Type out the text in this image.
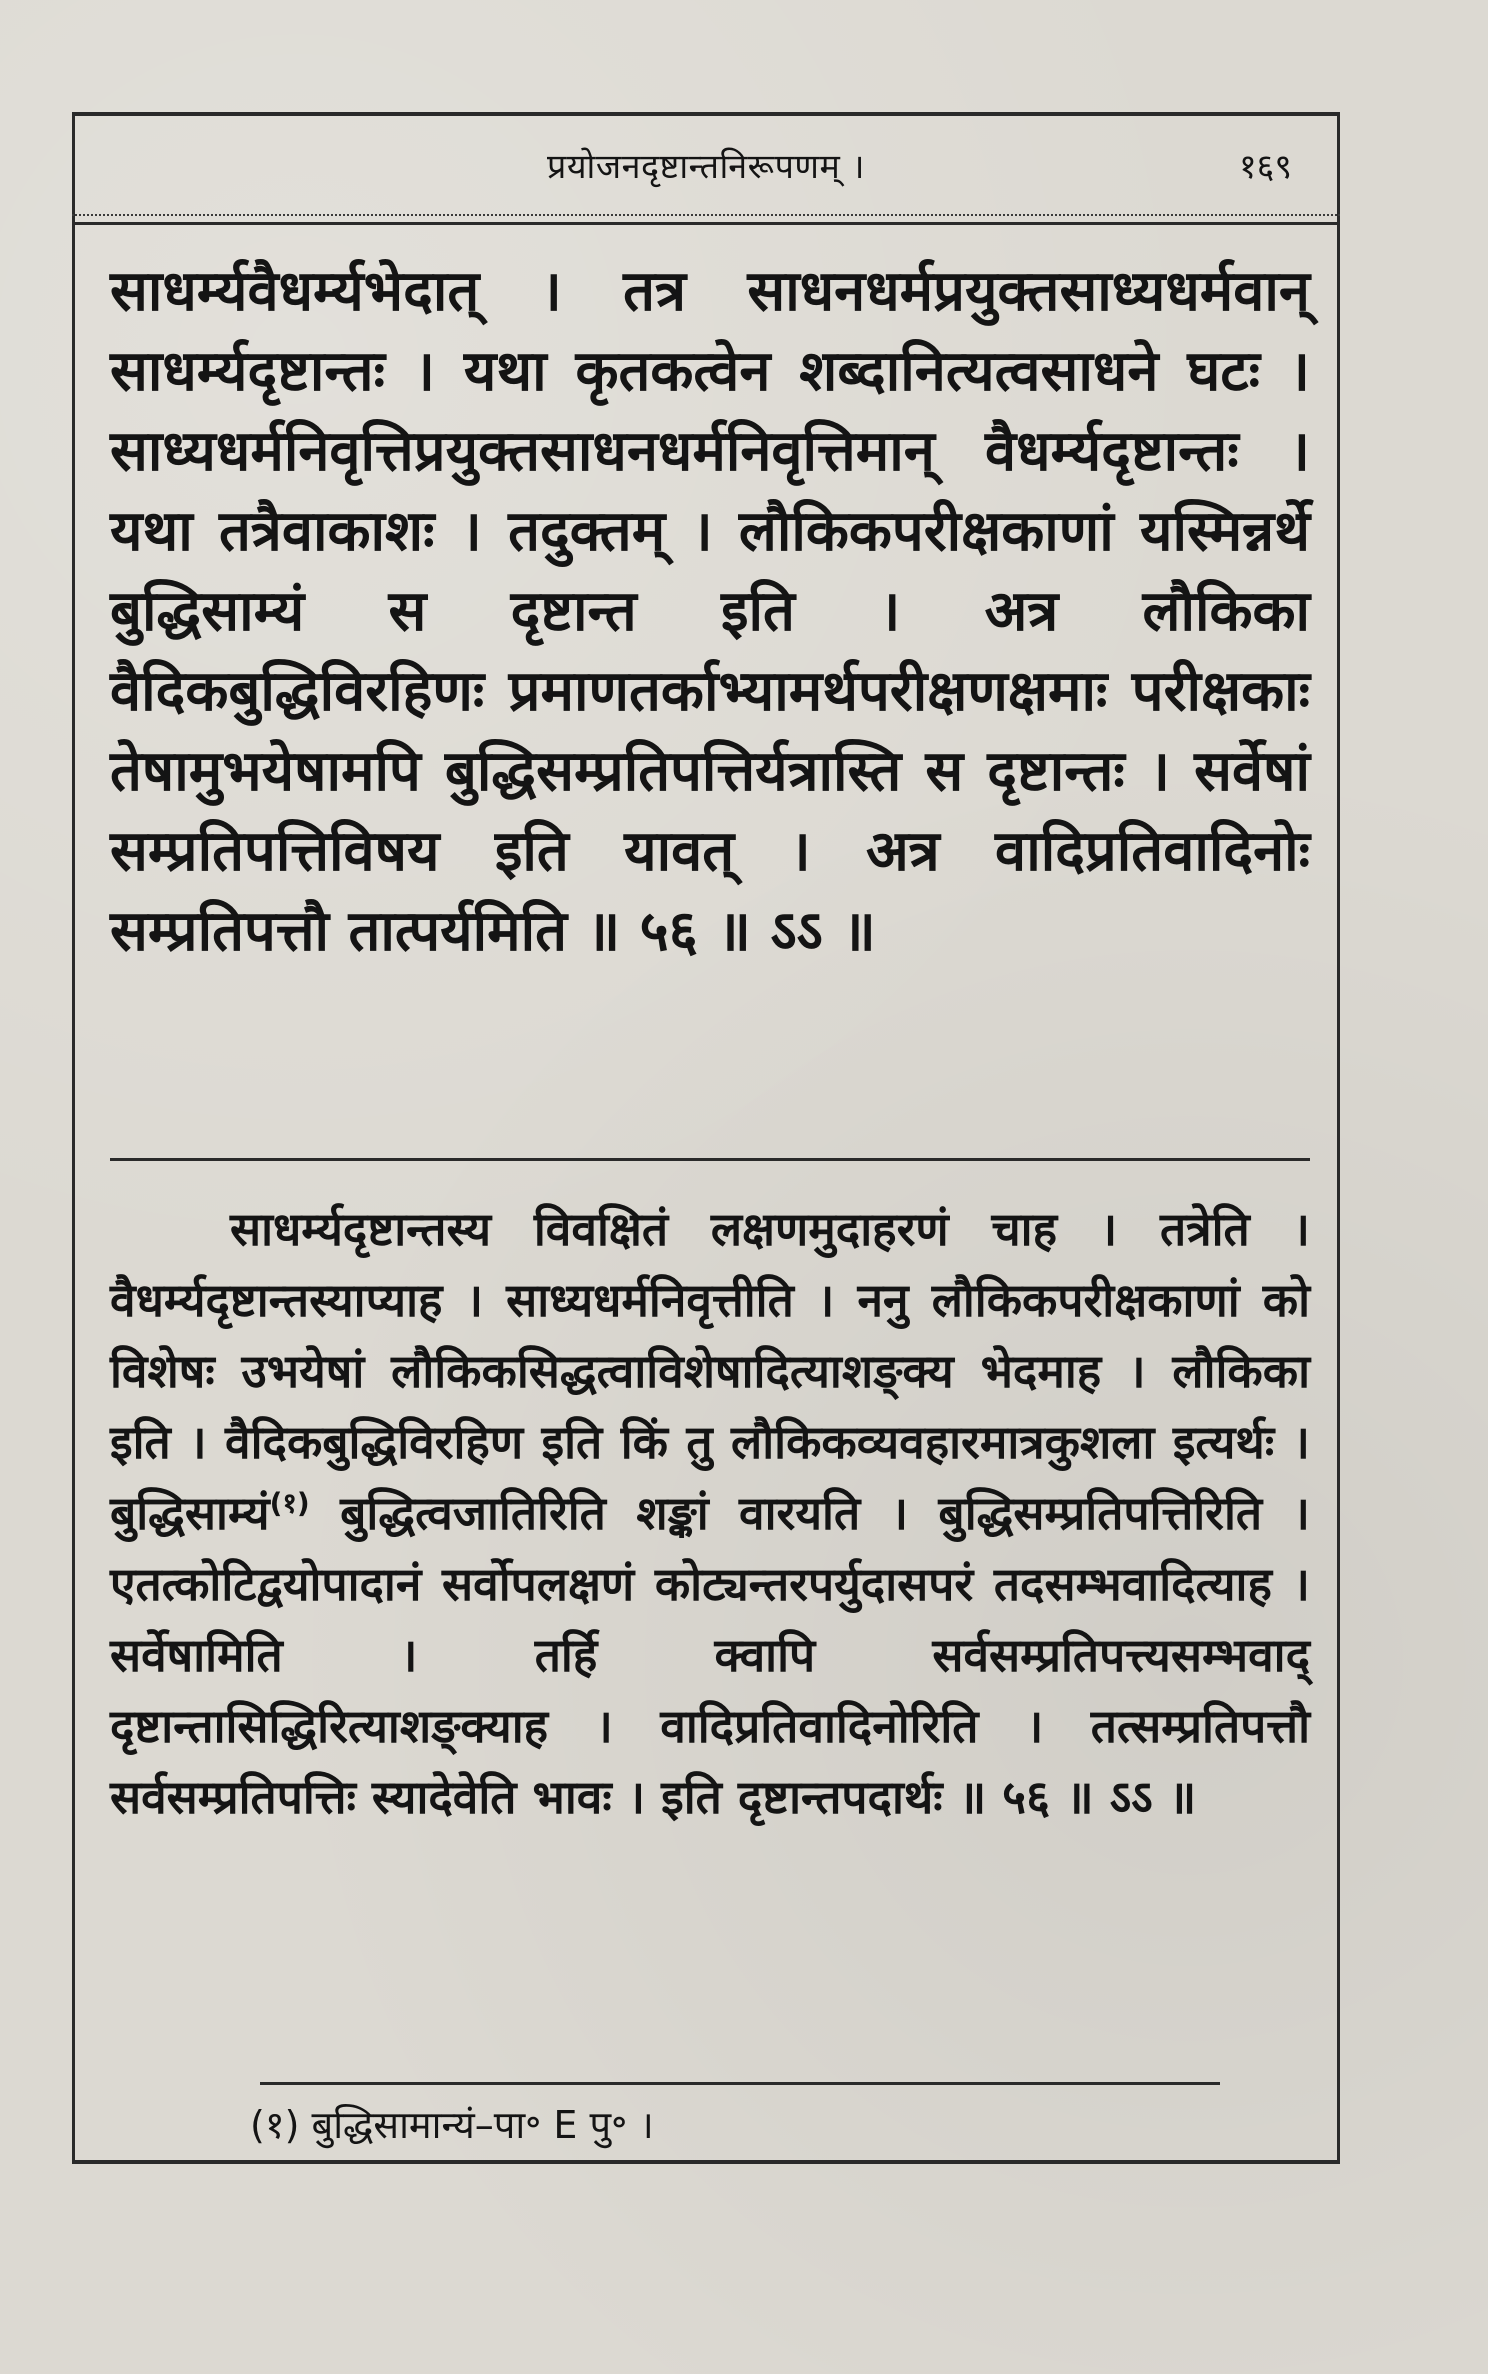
प्रयोजनदृष्टान्तनिरूपणम् ।	१६९

साधर्म्यवैधर्म्यभेदात् । तत्र साधनधर्मप्रयुक्तसाध्यधर्मवान् साधर्म्यदृष्टान्तः । यथा कृतकत्वेन शब्दानित्यत्वसाधने घटः । साध्यधर्मनिवृत्तिप्रयुक्तसाधनधर्मनिवृत्तिमान् वैधर्म्यदृष्टान्तः । यथा तत्रैवाकाशः । तदुक्तम् । लौकिकपरीक्षकाणां यस्मिन्नर्थे बुद्धिसाम्यं स दृष्टान्त इति । अत्र लौकिका वैदिकबुद्धिविरहिणः प्रमाणतर्काभ्यामर्थपरीक्षणक्षमाः परीक्षकाः तेषामुभयेषामपि बुद्धिसम्प्रतिपत्तिर्यत्रास्ति स दृष्टान्तः । सर्वेषां सम्प्रतिपत्तिविषय इति यावत् । अत्र वादिप्रतिवादिनोः सम्प्रतिपत्तौ तात्पर्यमिति ॥ ५६ ॥ ऽऽ ॥

साधर्म्यदृष्टान्तस्य विवक्षितं लक्षणमुदाहरणं चाह । तत्रेति । वैधर्म्यदृष्टान्तस्याप्याह । साध्यधर्मनिवृत्तीति । ननु लौकिकपरीक्षकाणां को विशेषः उभयेषां लौकिकसिद्धत्वाविशेषादित्याशङ्क्य भेदमाह । लौकिका इति । वैदिकबुद्धिविरहिण इति किं तु लौकिकव्यवहारमात्रकुशला इत्यर्थः । बुद्धिसाम्यं$^{(१)}$ बुद्धित्वजातिरिति शङ्कां वारयति । बुद्धिसम्प्रतिपत्तिरिति । एतत्कोटिद्वयोपादानं सर्वोपलक्षणं कोट्यन्तरपर्युदासपरं तदसम्भवादित्याह । सर्वेषामिति । तर्हि क्वापि सर्वसम्प्रतिपत्त्यसम्भवाद् दृष्टान्तासिद्धिरित्याशङ्क्याह । वादिप्रतिवादिनोरिति । तत्सम्प्रतिपत्तौ सर्वसम्प्रतिपत्तिः स्यादेवेति भावः । इति दृष्टान्तपदार्थः ॥ ५६ ॥ ऽऽ ॥

(१) बुद्धिसामान्यं–पा॰ E पु॰ ।
